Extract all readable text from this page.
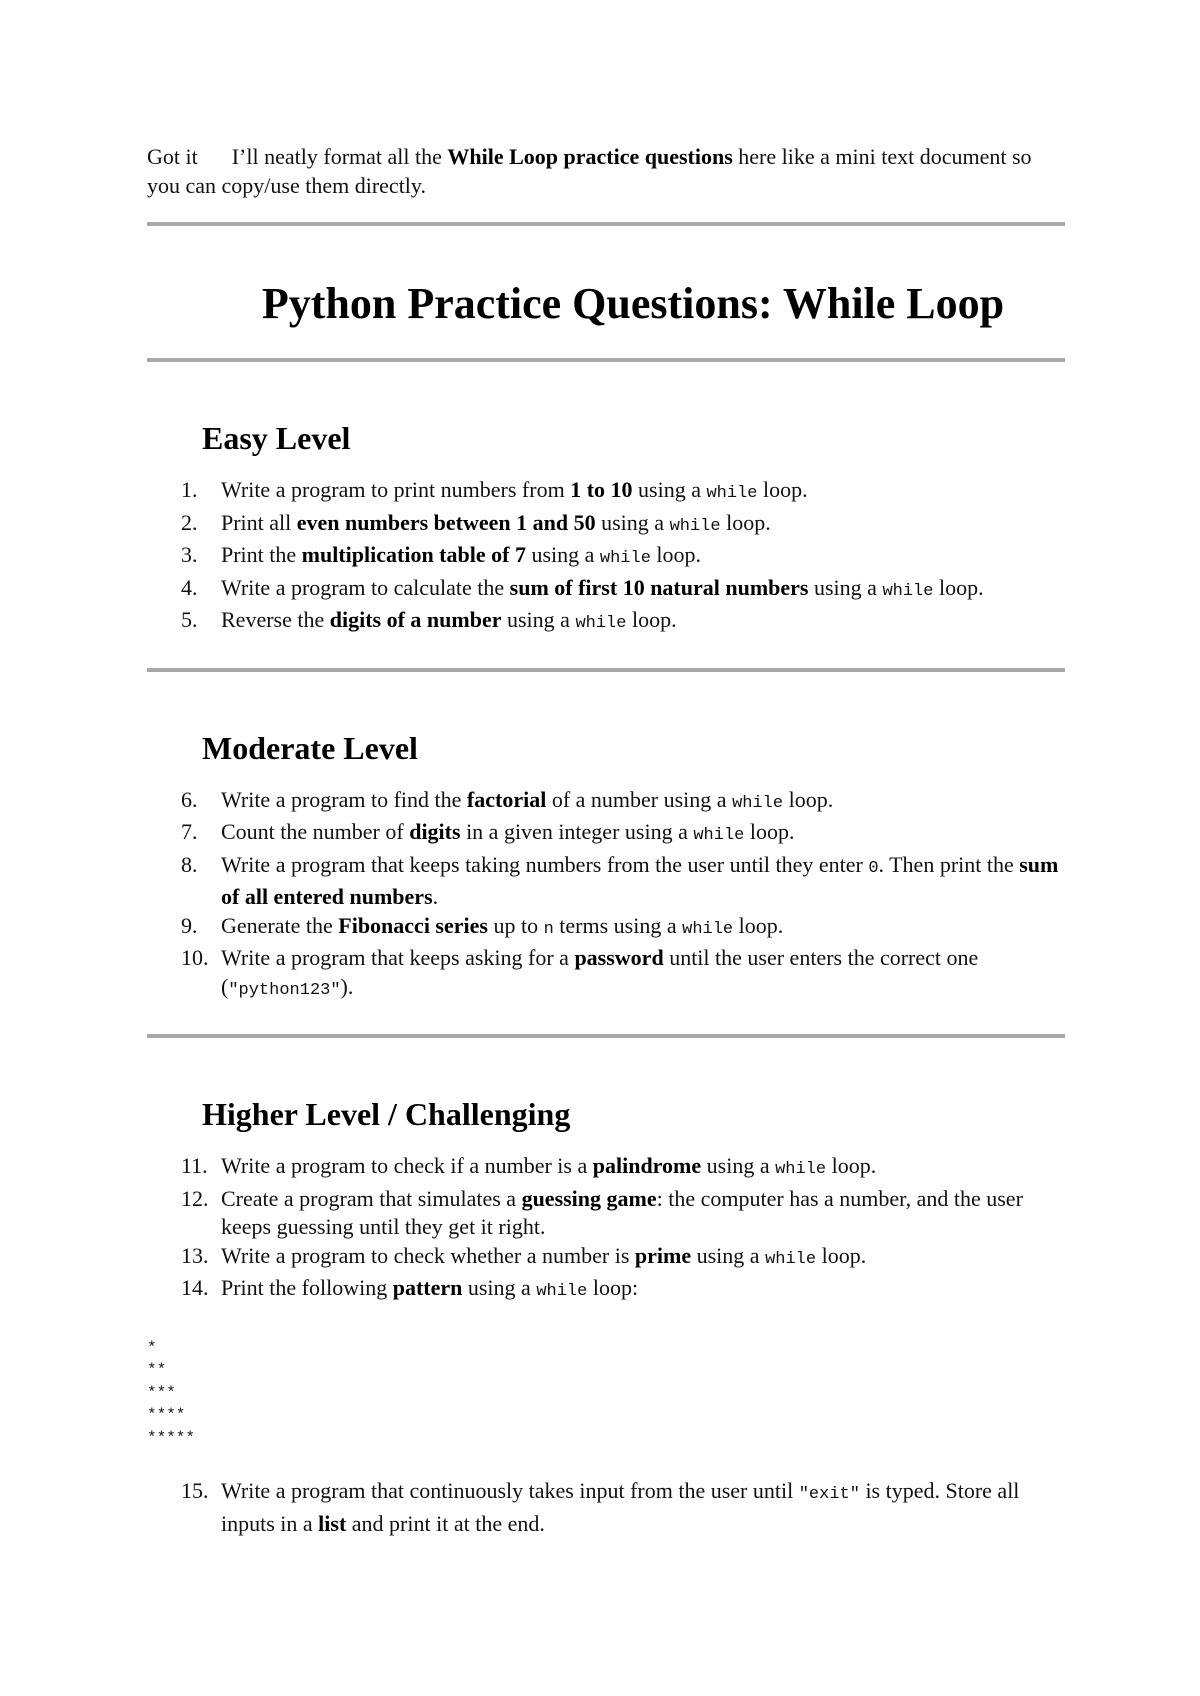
Got it I’ll neatly format all the While Loop practice questions here like a mini text document so you can copy/use them directly.

Python Practice Questions: While Loop
Easy Level
1. Write a program to print numbers from 1 to 10 using a while loop.
2. Print all even numbers between 1 and 50 using a while loop.
3. Print the multiplication table of 7 using a while loop.
4. Write a program to calculate the sum of first 10 natural numbers using a while loop.
5. Reverse the digits of a number using a while loop.
Moderate Level
6. Write a program to find the factorial of a number using a while loop.
7. Count the number of digits in a given integer using a while loop.
8. Write a program that keeps taking numbers from the user until they enter 0. Then print the sum of all entered numbers.
9. Generate the Fibonacci series up to n terms using a while loop.
10. Write a program that keeps asking for a password until the user enters the correct one ("python123").
Higher Level / Challenging
11. Write a program to check if a number is a palindrome using a while loop.
12. Create a program that simulates a guessing game: the computer has a number, and the user keeps guessing until they get it right.
13. Write a program to check whether a number is prime using a while loop.
14. Print the following pattern using a while loop:
*
**
***
****
*****
15. Write a program that continuously takes input from the user until "exit" is typed. Store all inputs in a list and print it at the end.
